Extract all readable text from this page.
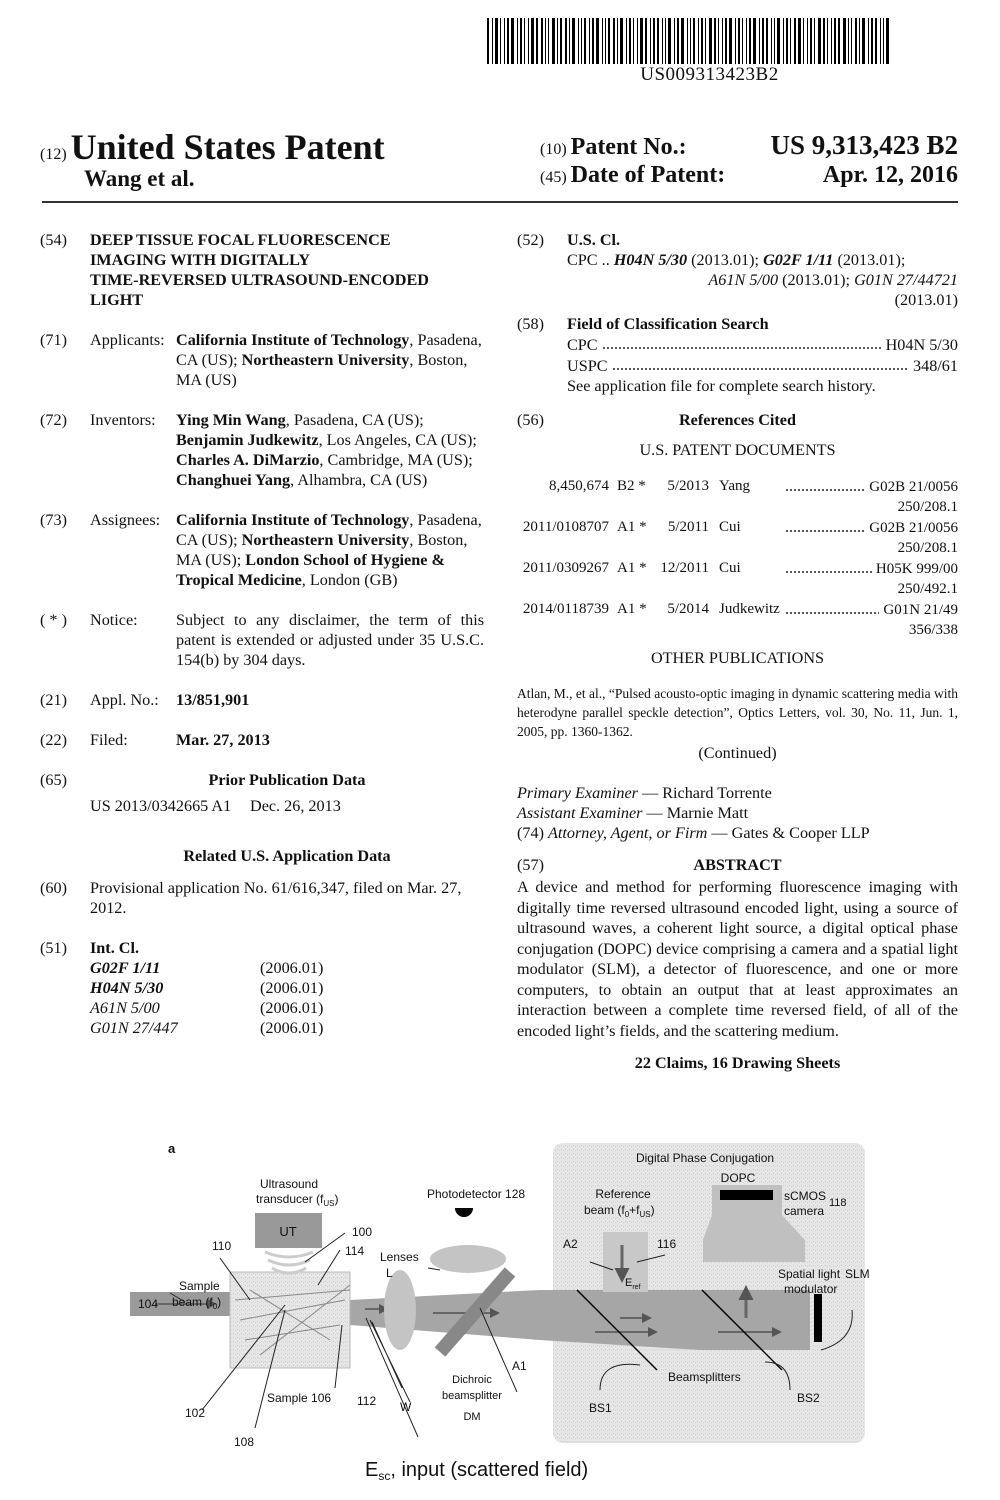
US009313423B2
(12) United States Patent
Wang et al.
(10) Patent No.:	US 9,313,423 B2
(45) Date of Patent:	Apr. 12, 2016
(54)	DEEP TISSUE FOCAL FLUORESCENCE
IMAGING WITH DIGITALLY
TIME-REVERSED ULTRASOUND-ENCODED
LIGHT
(71)	Applicants: California Institute of Technology, Pasadena, CA (US); Northeastern University, Boston, MA (US)
(72)	Inventors:	Ying Min Wang, Pasadena, CA (US); Benjamin Judkewitz, Los Angeles, CA (US); Charles A. DiMarzio, Cambridge, MA (US); Changhuei Yang, Alhambra, CA (US)
(73)	Assignees: California Institute of Technology, Pasadena, CA (US); Northeastern University, Boston, MA (US); London School of Hygiene & Tropical Medicine, London (GB)
( * )	Notice:	Subject to any disclaimer, the term of this patent is extended or adjusted under 35 U.S.C. 154(b) by 304 days.
(21)	Appl. No.:	13/851,901
(22)	Filed:	Mar. 27, 2013
(65)	Prior Publication Data
US 2013/0342665 A1	Dec. 26, 2013
Related U.S. Application Data
(60)	Provisional application No. 61/616,347, filed on Mar. 27, 2012.
(51)	Int. Cl.
G02F 1/11	(2006.01)
H04N 5/30	(2006.01)
A61N 5/00	(2006.01)
G01N 27/447	(2006.01)
(52)	U.S. Cl.
CPC .. H04N 5/30 (2013.01); G02F 1/11 (2013.01);
A61N 5/00 (2013.01); G01N 27/44721
(2013.01)
(58)	Field of Classification Search
CPC	H04N 5/30
USPC	348/61
See application file for complete search history.
(56)	References Cited
U.S. PATENT DOCUMENTS
8,450,674	B2 *	5/2013	Yang	G02B 21/0056

250/208.1				
2011/0108707	A1 *	5/2011	Cui	G02B 21/0056

250/208.1				
2011/0309267	A1 *	12/2011	Cui	H05K 999/00

250/492.1				
2014/0118739	A1 *	5/2014	Judkewitz	G01N 21/49

356/338				
OTHER PUBLICATIONS
Atlan, M., et al., “Pulsed acousto-optic imaging in dynamic scattering media with heterodyne parallel speckle detection”, Optics Letters, vol. 30, No. 11, Jun. 1, 2005, pp. 1360-1362.
(Continued)
Primary Examiner — Richard Torrente
Assistant Examiner — Marnie Matt
(74) Attorney, Agent, or Firm — Gates & Cooper LLP
(57)	ABSTRACT
A device and method for performing fluorescence imaging with digitally time reversed ultrasound encoded light, using a source of ultrasound waves, a coherent light source, a digital optical phase conjugation (DOPC) device comprising a camera and a spatial light modulator (SLM), a detector of fluorescence, and one or more computers, to obtain an output that at least approximates an interaction between a complete time reversed field, of all of the encoded light’s fields, and the scattering medium.
22 Claims, 16 Drawing Sheets
a
Digital Phase Conjugation
UT
Ultrasound
transducer $(f_{US})$
110
100
114
Sample
beam $(f_0)$
104
102
108
Sample 106 112 W
Lenses
L
Photodetector 128
Dichroic
beamsplitter
DM
A1
Reference
beam $(f_0+f_{US})$
A2	116
$E_{ref}$
DOPC
sCMOS
camera
118
Spatial light
modulator
SLM
Beamsplitters
BS1
BS2
$E_{sc}$, input (scattered field)
